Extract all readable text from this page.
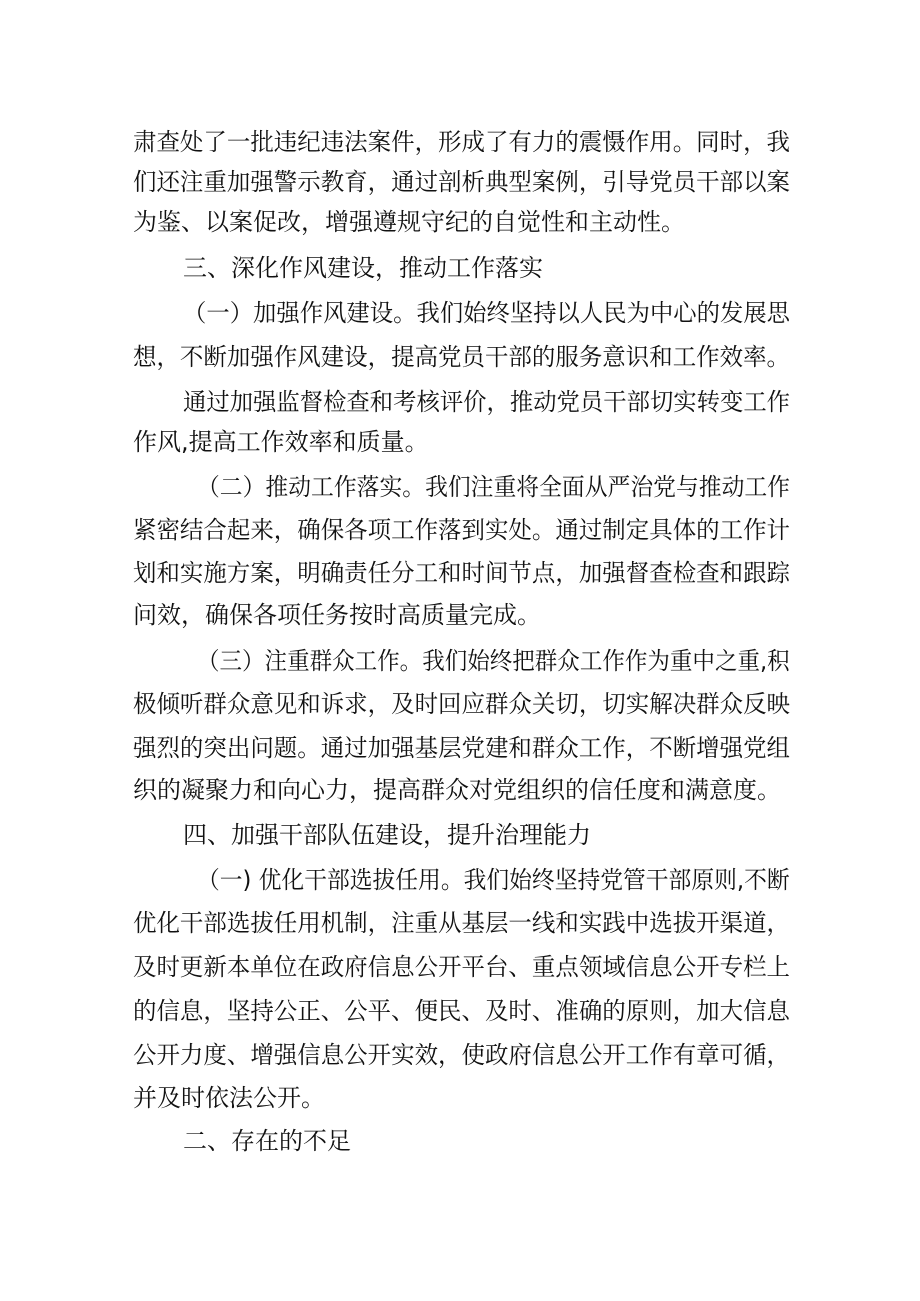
肃查处了一批违纪违法案件，形成了有力的震慑作用。同时，我
们还注重加强警示教育，通过剖析典型案例，引导党员干部以案
为鉴、以案促改，增强遵规守纪的自觉性和主动性。
三、深化作风建设，推动工作落实
（一）加强作风建设。我们始终坚持以人民为中心的发展思
想，不断加强作风建设，提高党员干部的服务意识和工作效率。
通过加强监督检查和考核评价，推动党员干部切实转变工作
作风,提高工作效率和质量。
（二）推动工作落实。我们注重将全面从严治党与推动工作
紧密结合起来，确保各项工作落到实处。通过制定具体的工作计
划和实施方案，明确责任分工和时间节点，加强督查检查和跟踪
问效，确保各项任务按时高质量完成。
（三）注重群众工作。我们始终把群众工作作为重中之重,积
极倾听群众意见和诉求，及时回应群众关切，切实解决群众反映
强烈的突出问题。通过加强基层党建和群众工作，不断增强党组
织的凝聚力和向心力，提高群众对党组织的信任度和满意度。
四、加强干部队伍建设，提升治理能力
（一) 优化干部选拔任用。我们始终坚持党管干部原则,不断
优化干部选拔任用机制，注重从基层一线和实践中选拔开渠道，
及时更新本单位在政府信息公开平台、重点领域信息公开专栏上
的信息，坚持公正、公平、便民、及时、准确的原则，加大信息
公开力度、增强信息公开实效，使政府信息公开工作有章可循，
并及时依法公开。
二、存在的不足
